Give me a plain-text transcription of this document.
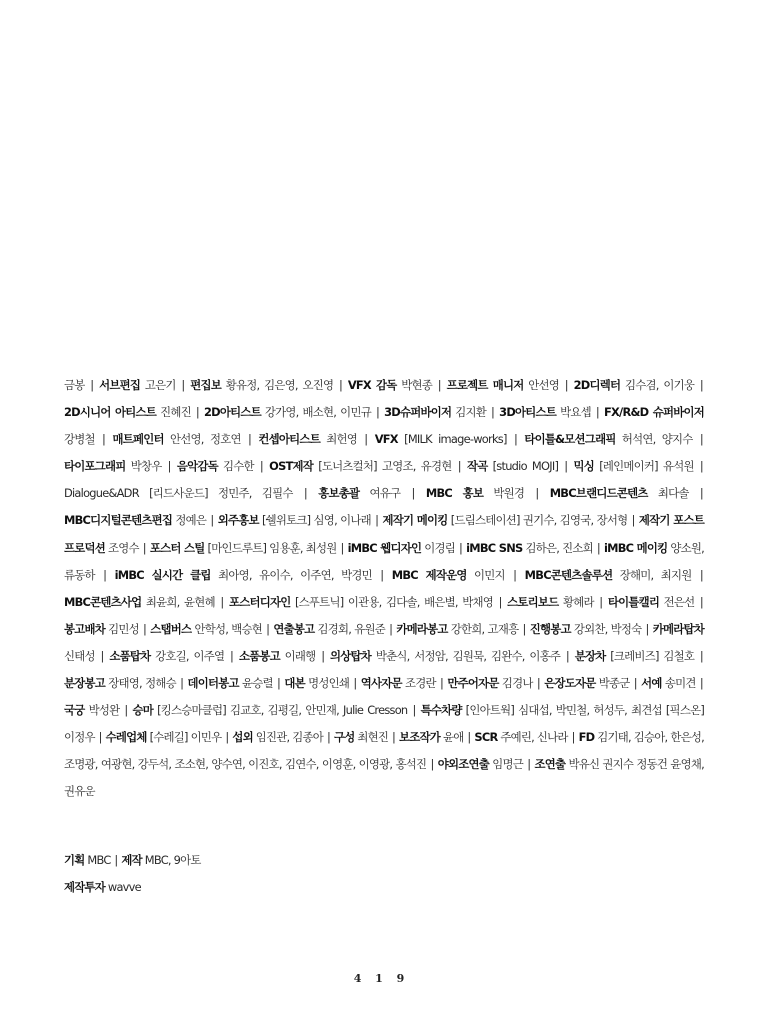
금봉 | 서브편집 고은기 | 편집보 황유정, 김은영, 오진영 | VFX 감독 박현종 | 프로젝트 매니저 안선영 | 2D디렉터 김수겸, 이기웅 | 2D시니어 아티스트 진혜진 | 2D아티스트 강가영, 배소현, 이민규 | 3D슈퍼바이저 김지환 | 3D아티스트 박요셉 | FX/R&D 슈퍼바이저 강병철 | 매트페인터 안선영, 정호연 | 컨셉아티스트 최헌영 | VFX [MILK image-works] | 타이틀&모션그래픽 허석연, 양지수 | 타이포그래피 박창우 | 음악감독 김수한 | OST제작 [도너츠컬처] 고영조, 유경현 | 작곡 [studio MOJI] | 믹싱 [레인메이커] 유석원 | Dialogue&ADR [리드사운드] 정민주, 김필수 | 홍보총괄 여유구 | MBC 홍보 박원경 | MBC브랜디드콘텐츠 최다솔 | MBC디지털콘텐츠편집 정예은 | 외주홍보 [쉘위토크] 심영, 이나래 | 제작기 메이킹 [드림스테이션] 권기수, 김영국, 장서형 | 제작기 포스트 프로덕션 조영수 | 포스터 스틸 [마인드루트] 임용훈, 최성원 | iMBC 웹디자인 이경림 | iMBC SNS 김하은, 진소희 | iMBC 메이킹 양소원, 류동하 | iMBC 실시간 클립 최아영, 유이수, 이주연, 박경민 | MBC 제작운영 이민지 | MBC콘텐츠솔루션 장해미, 최지원 | MBC콘텐츠사업 최윤희, 윤현혜 | 포스터디자인 [스푸트닉] 이관용, 김다솔, 배은별, 박채영 | 스토리보드 황혜라 | 타이틀캘리 전은선 | 봉고배차 김민성 | 스탭버스 안학성, 백승현 | 연출봉고 김경회, 유원준 | 카메라봉고 강한희, 고재흥 | 진행봉고 강외찬, 박정숙 | 카메라탑차 신태성 | 소품탑차 강호길, 이주열 | 소품봉고 이래행 | 의상탑차 박춘식, 서정암, 김원묵, 김완수, 이홍주 | 분장차 [크레비즈] 김철호 | 분장봉고 장태영, 정해승 | 데이터봉고 윤승렬 | 대본 명성인쇄 | 역사자문 조경란 | 만주어자문 김경나 | 은장도자문 박종군 | 서예 송미견 | 국궁 박성완 | 승마 [킹스승마클럽] 김교호, 김평길, 안민재, Julie Cresson | 특수차량 [인아트웍] 심대섭, 박민철, 허성두, 최견섭 [픽스온] 이정우 | 수레업체 [수레길] 이민우 | 섭외 임진관, 김종아 | 구성 최현진 | 보조작가 윤애 | SCR 주예린, 신나라 | FD 김기태, 김승아, 한은성, 조명광, 여광현, 강두석, 조소현, 양수연, 이진호, 김연수, 이영훈, 이영광, 홍석진 | 야외조연출 임명근 | 조연출 박유신 권지수 정동건 윤영채, 권유운
기획 MBC | 제작 MBC, 9아토
제작투자 wavve
4 1 9
